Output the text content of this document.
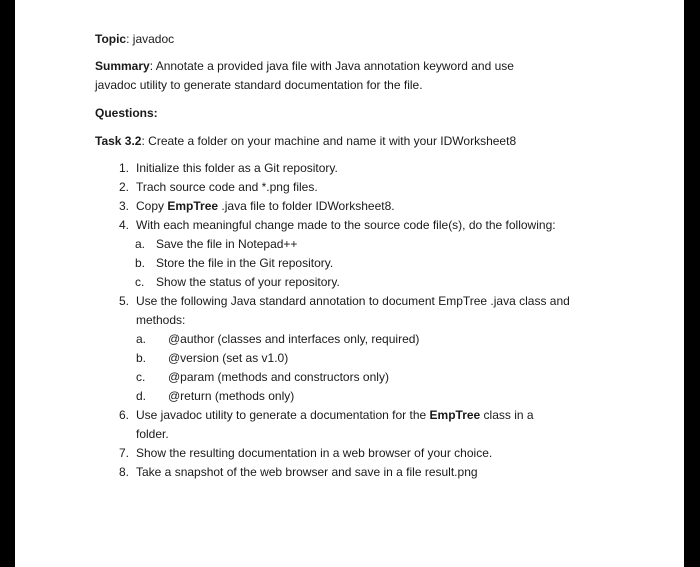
Topic: javadoc
Summary: Annotate a provided java file with Java annotation keyword and use
javadoc utility to generate standard documentation for the file.
Questions:
Task 3.2: Create a folder on your machine and name it with your IDWorksheet8
1. Initialize this folder as a Git repository.
2. Trach source code and *.png files.
3. Copy EmpTree .java file to folder IDWorksheet8.
4. With each meaningful change made to the source code file(s), do the following:
a. Save the file in Notepad++
b. Store the file in the Git repository.
c. Show the status of your repository.
5. Use the following Java standard annotation to document EmpTree .java class and
methods:
a. @author (classes and interfaces only, required)
b. @version (set as v1.0)
c. @param (methods and constructors only)
d. @return (methods only)
6. Use javadoc utility to generate a documentation for the EmpTree class in a
folder.
7. Show the resulting documentation in a web browser of your choice.
8. Take a snapshot of the web browser and save in a file result.png
